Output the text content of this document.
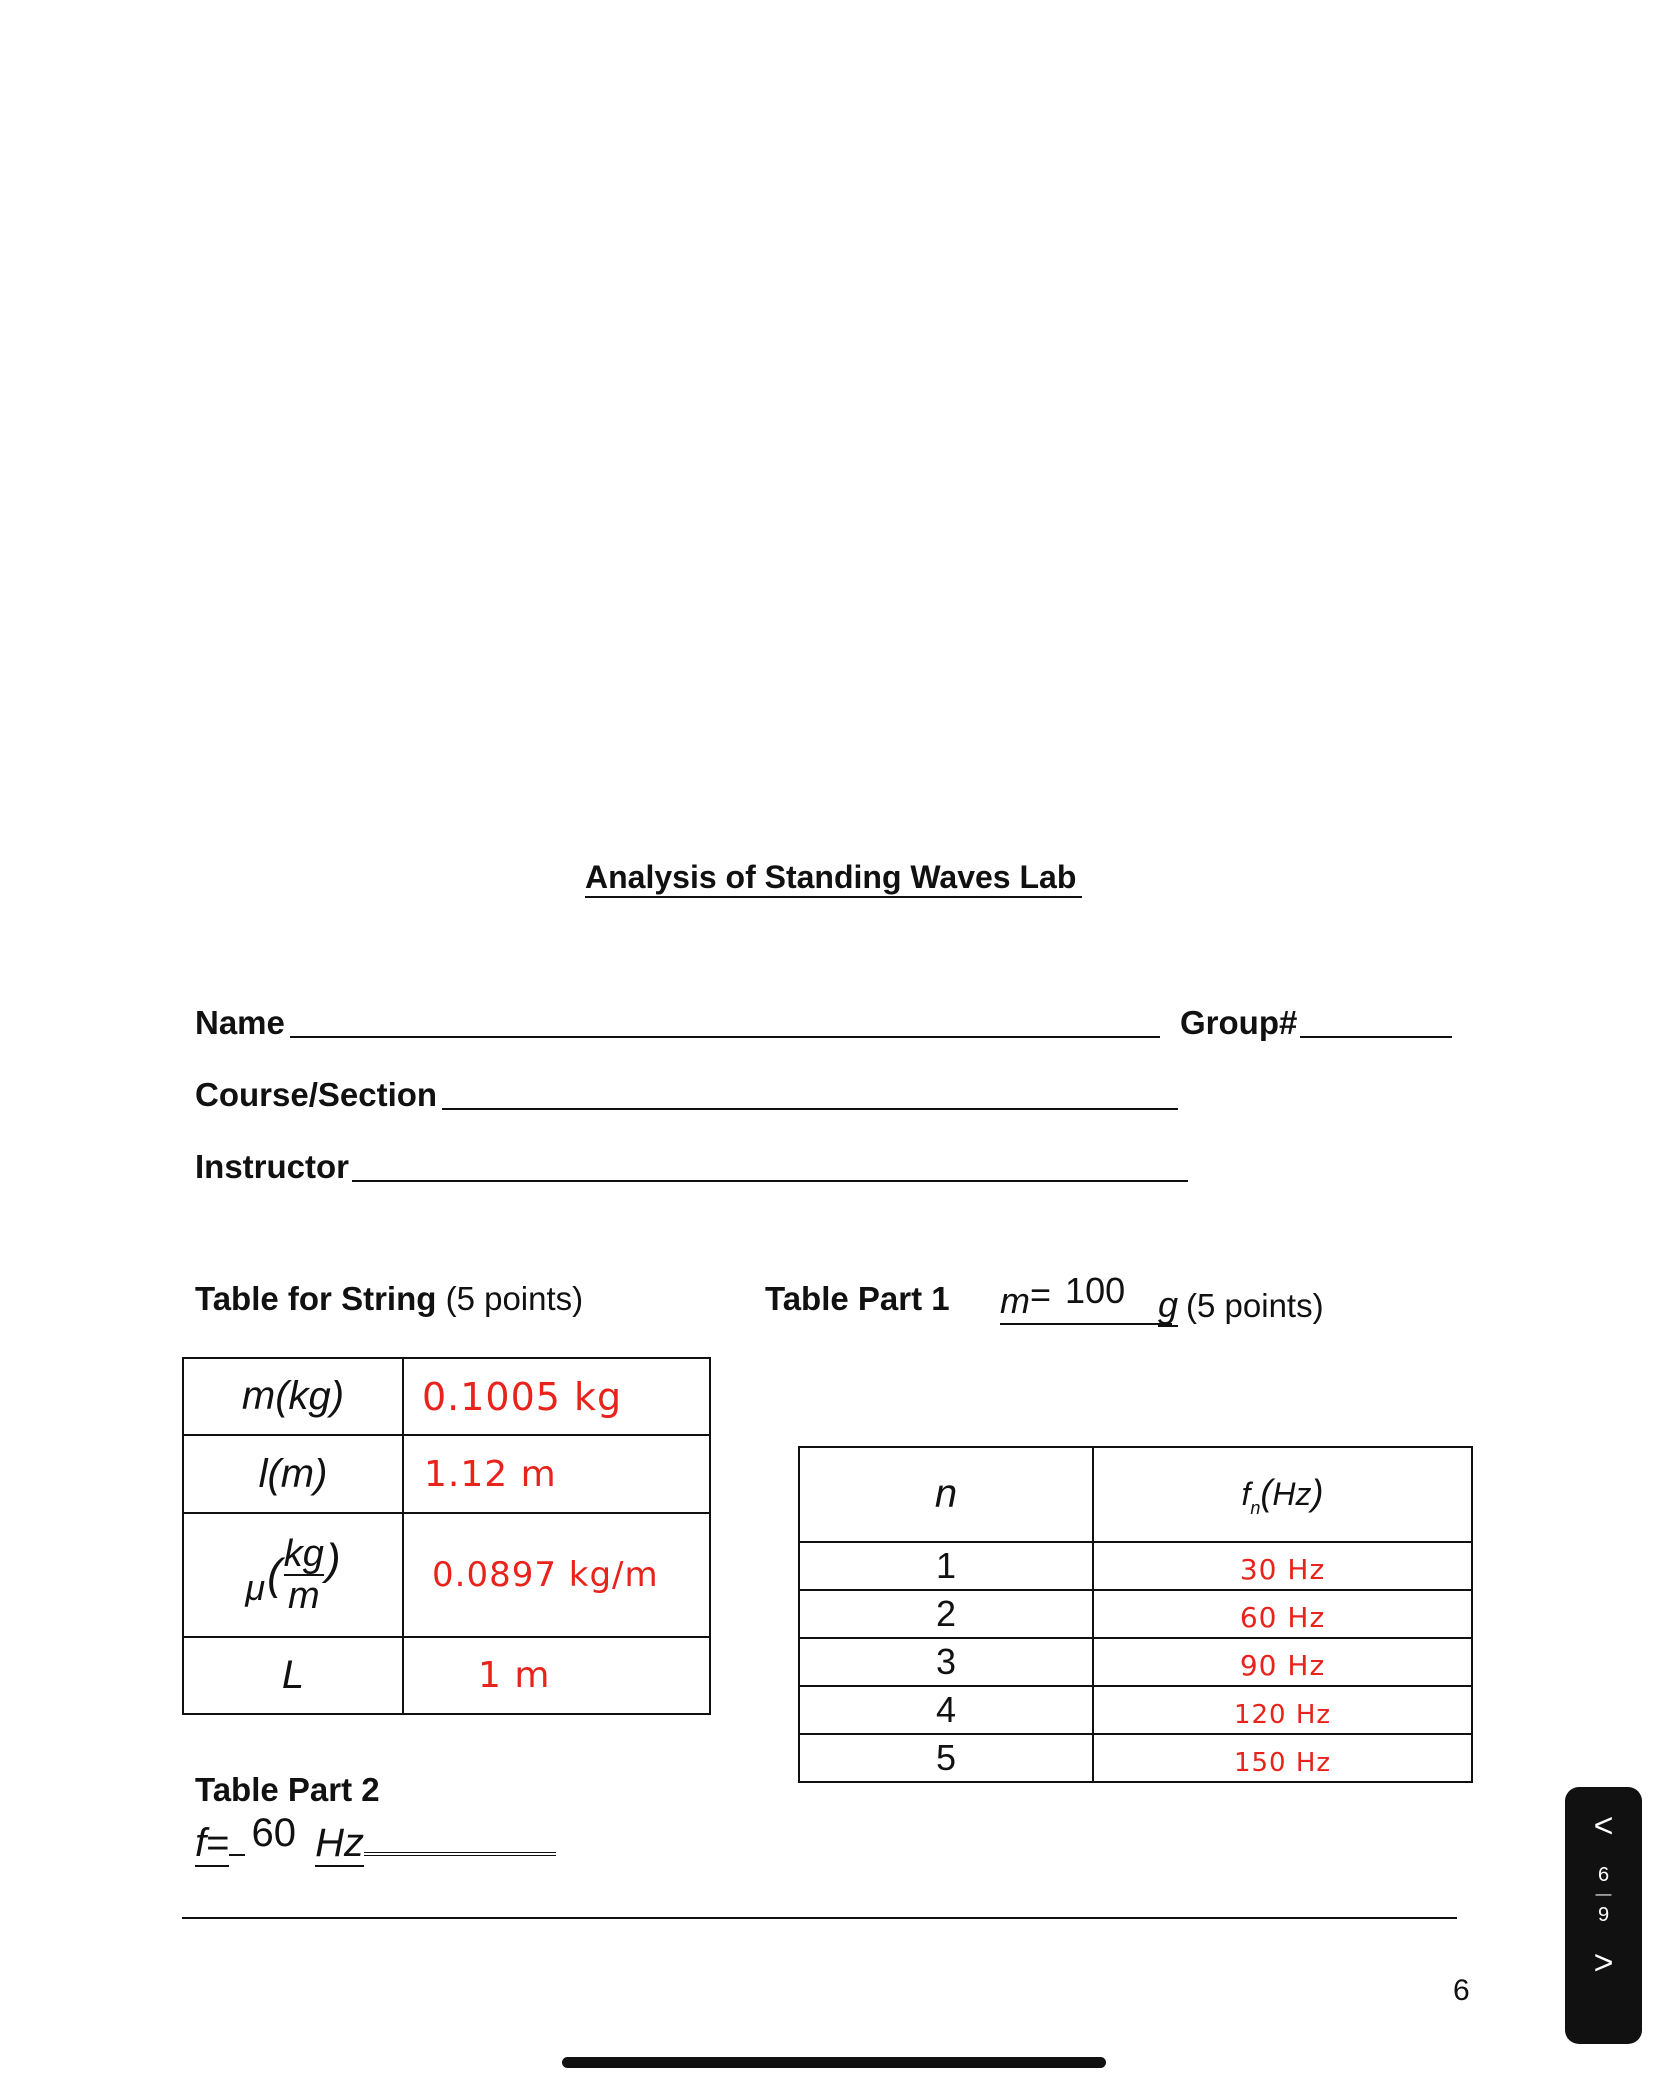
Analysis of Standing Waves Lab
Name	Group#
Course/Section
Instructor
Table for String (5 points)	Table Part 1 m= 100 g (5 points)
m(kg)	0.1005 kg
l(m)	1.12 m

μ ( $\frac{kg}{m}$ )	0.0897 kg/m
L	1 m
n	$f_n(Hz)$
1	30 Hz
2	60 Hz
3	90 Hz
4	120 Hz
5	150 Hz
Table Part 2
f= 60 Hz
6
<
6
—
9
>
